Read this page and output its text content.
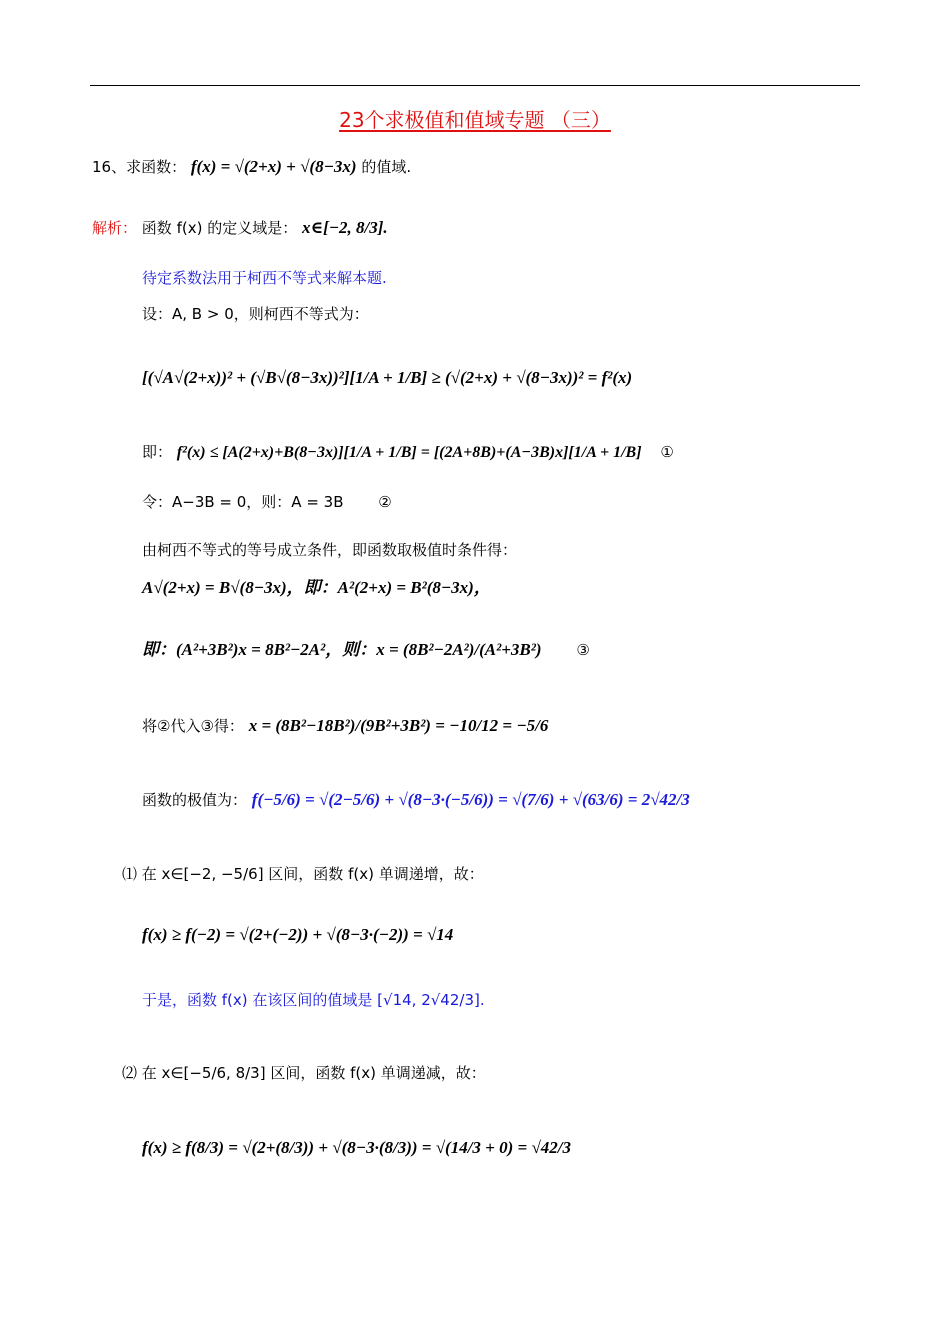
23个求极值和值域专题 （三）
16、求函数： f(x) = √(2+x) + √(8−3x) 的值域.
解析： 函数 f(x) 的定义域是： x∈[−2, 8/3].
待定系数法用于柯西不等式来解本题.
设：A, B > 0，则柯西不等式为：
[(√A√(2+x))² + (√B√(8−3x))²][1/A + 1/B] ≥ (√(2+x) + √(8−3x))² = f²(x)
即： f²(x) ≤ [A(2+x)+B(8−3x)][1/A + 1/B] = [(2A+8B)+(A−3B)x][1/A + 1/B] ①
令：A−3B = 0，则：A = 3B ②
由柯西不等式的等号成立条件，即函数取极值时条件得：
A√(2+x) = B√(8−3x)，即：A²(2+x) = B²(8−3x)，
即：(A²+3B²)x = 8B²−2A²，则：x = (8B²−2A²)/(A²+3B²) ③
将②代入③得： x = (8B²−18B²)/(9B²+3B²) = −10/12 = −5/6
函数的极值为： f(−5/6) = √(2−5/6) + √(8−3·(−5/6)) = √(7/6) + √(63/6) = 2√42/3
⑴ 在 x∈[−2, −5/6] 区间，函数 f(x) 单调递增，故：
f(x) ≥ f(−2) = √(2+(−2)) + √(8−3·(−2)) = √14
于是，函数 f(x) 在该区间的值域是 [√14, 2√42/3].
⑵ 在 x∈[−5/6, 8/3] 区间，函数 f(x) 单调递减，故：
f(x) ≥ f(8/3) = √(2+(8/3)) + √(8−3·(8/3)) = √(14/3 + 0) = √42/3
